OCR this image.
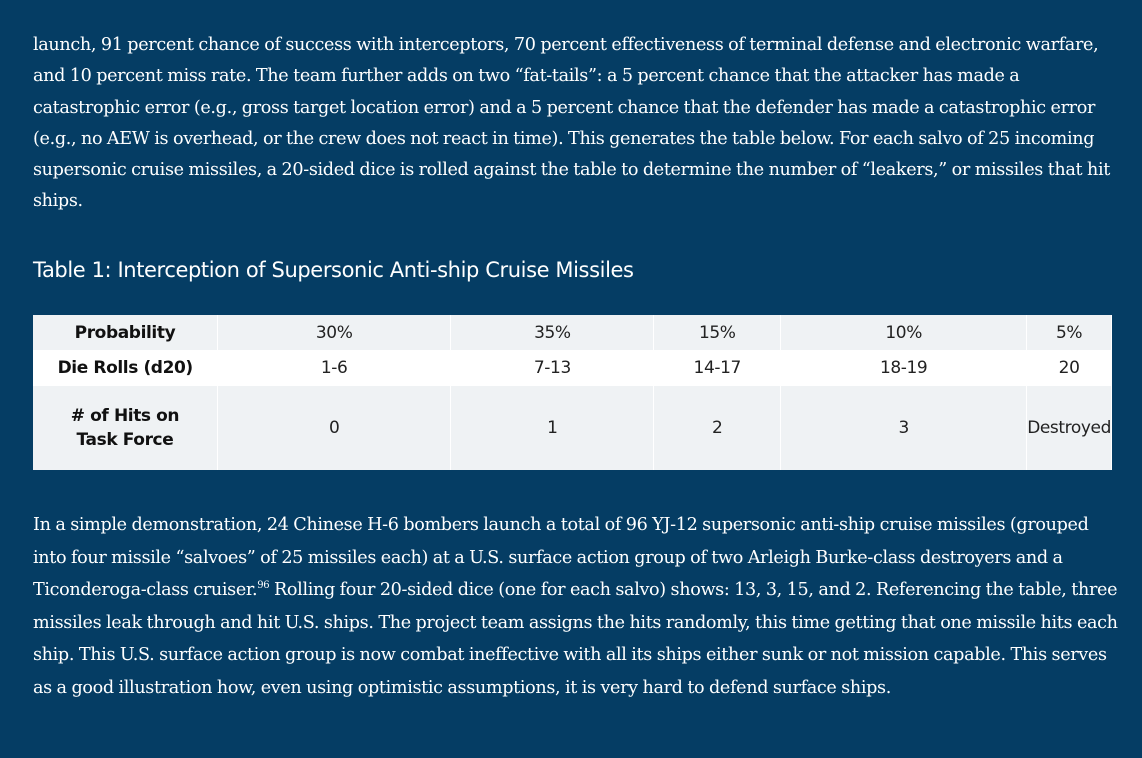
launch, 91 percent chance of success with interceptors, 70 percent effectiveness of terminal defense and electronic warfare, and 10 percent miss rate. The team further adds on two “fat-tails”: a 5 percent chance that the attacker has made a catastrophic error (e.g., gross target location error) and a 5 percent chance that the defender has made a catastrophic error (e.g., no AEW is overhead, or the crew does not react in time). This generates the table below. For each salvo of 25 incoming supersonic cruise missiles, a 20-sided dice is rolled against the table to determine the number of “leakers,” or missiles that hit ships.
Table 1: Interception of Supersonic Anti-ship Cruise Missiles
Probability	30%	35%	15%	10%	5%
Die Rolls (d20)	1-6	7-13	14-17	18-19	20
# of Hits on Task Force	0	1	2	3	Destroyed
In a simple demonstration, 24 Chinese H-6 bombers launch a total of 96 YJ-12 supersonic anti-ship cruise missiles (grouped into four missile “salvoes” of 25 missiles each) at a U.S. surface action group of two Arleigh Burke-class destroyers and a Ticonderoga-class cruiser.$^{96}$ Rolling four 20-sided dice (one for each salvo) shows: 13, 3, 15, and 2. Referencing the table, three missiles leak through and hit U.S. ships. The project team assigns the hits randomly, this time getting that one missile hits each ship. This U.S. surface action group is now combat ineffective with all its ships either sunk or not mission capable. This serves as a good illustration how, even using optimistic assumptions, it is very hard to defend surface ships.
